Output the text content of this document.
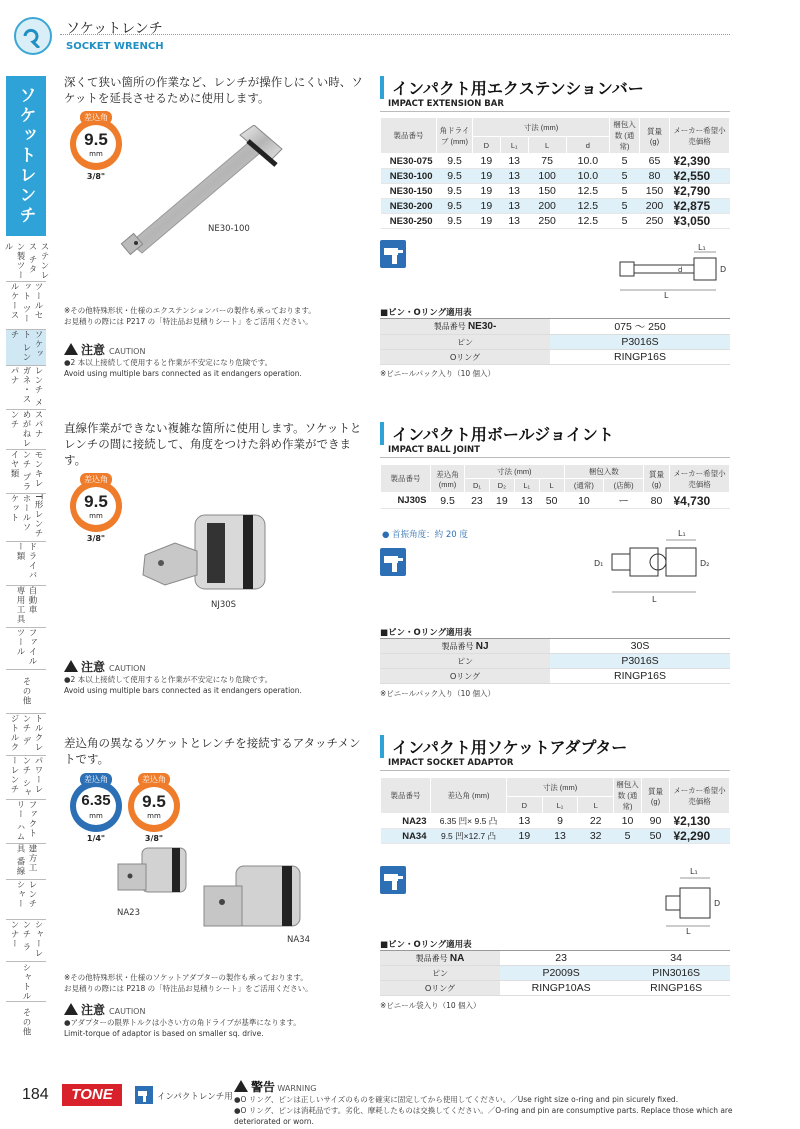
ソケットレンチ
SOCKET WRENCH
ソケットレンチ
ステンレス チタン製ツール
ツールセット ツールケース
ソケット レンチ
レンチ メガネ・スパナ
スパナ めがねレンチ
モンキレンチ プライヤ類
T形レンチ ホールソケット
ドライバー類
自動車 専用工具
ファイル ツール
その他
トルクレンチ デジトルク
パワーレンチ シャーレンチ
ファクトリー ハム
建方工具 番線
レンチ シャー
シャーレンチ ランナー
シャトル
その他
深くて狭い箇所の作業など、レンチが操作しにくい時、ソケットを延長させるために使用します。
差込角
9.5
mm
3/8"
NE30-100
※その他特殊形状・仕様のエクステンションバーの製作も承っております。
お見積りの際には P217 の「特注品お見積りシート」をご活用ください。
注意 CAUTION
●2 本以上接続して使用すると作業が不安定になり危険です。
Avoid using multiple bars connected as it endangers operation.
インパクト用エクステンションバー
IMPACT EXTENSION BAR
製品番号	角ドライブ (mm)	寸法 (mm)				梱包入数 (通常)	質量 (g)	メーカー希望小売価格
		D	L₁	L	d			
NE30-075	9.5	19	13	75	10.0	5	65	¥2,390
NE30-100	9.5	19	13	100	10.0	5	80	¥2,550
NE30-150	9.5	19	13	150	12.5	5	150	¥2,790
NE30-200	9.5	19	13	200	12.5	5	200	¥2,875
NE30-250	9.5	19	13	250	12.5	5	250	¥3,050
L
L₁
D
d
■ピン・Oリング適用表
製品番号 NE30-	075 〜 250
ピン	P3016S
Oリング	RINGP16S
※ビニールパック入り（10 個入）
直線作業ができない複雑な箇所に使用します。ソケットとレンチの間に接続して、角度をつけた斜め作業ができます。
差込角
9.5
mm
3/8"
NJ30S
注意 CAUTION
●2 本以上接続して使用すると作業が不安定になり危険です。
Avoid using multiple bars connected as it endangers operation.
インパクト用ボールジョイント
IMPACT BALL JOINT
製品番号	差込角 (mm)	寸法 (mm)				梱包入数		質量 (g)	メーカー希望小売価格
		D₁	D₂	L₁	L	(通常)	(店飾)		
NJ30S	9.5	23	19	13	50	10	ー	80	¥4,730
● 首振角度：約 20 度
L
L₁
D₁	D₂
■ピン・Oリング適用表
製品番号 NJ	30S
ピン	P3016S
Oリング	RINGP16S
※ビニールパック入り（10 個入）
差込角の異なるソケットとレンチを接続するアタッチメントです。
差込角
6.35
mm
1/4"
差込角
9.5
mm
3/8"
NA23
NA34
※その他特殊形状・仕様のソケットアダプターの製作も承っております。
お見積りの際には P218 の「特注品お見積りシート」をご活用ください。
注意 CAUTION
●アダプターの限界トルクは小さい方の角ドライブが基準になります。
Limit-torque of adaptor is based on smaller sq. drive.
インパクト用ソケットアダプター
IMPACT SOCKET ADAPTOR
製品番号	差込角 (mm)	寸法 (mm)			梱包入数 (通常)	質量 (g)	メーカー希望小売価格
		D	L₁	L			
NA23	6.35 凹× 9.5 凸	13	9	22	10	90	¥2,130
NA34	9.5 凹×12.7 凸	19	13	32	5	50	¥2,290
L
L₁
D
■ピン・Oリング適用表
製品番号 NA	23	34
ピン	P2009S	PIN3016S
Oリング	RINGP10AS	RINGP16S
※ビニール袋入り（10 個入）
184	TONE	インパクトレンチ用
警告 WARNING
●O リング、ピンは正しいサイズのものを確実に固定してから使用してください。／Use right size o-ring and pin sicurely fixed.
●O リング、ピンは消耗品です。劣化、摩耗したものは交換してください。／O-ring and pin are consumptive parts. Replace those which are deteriorated or worn.
